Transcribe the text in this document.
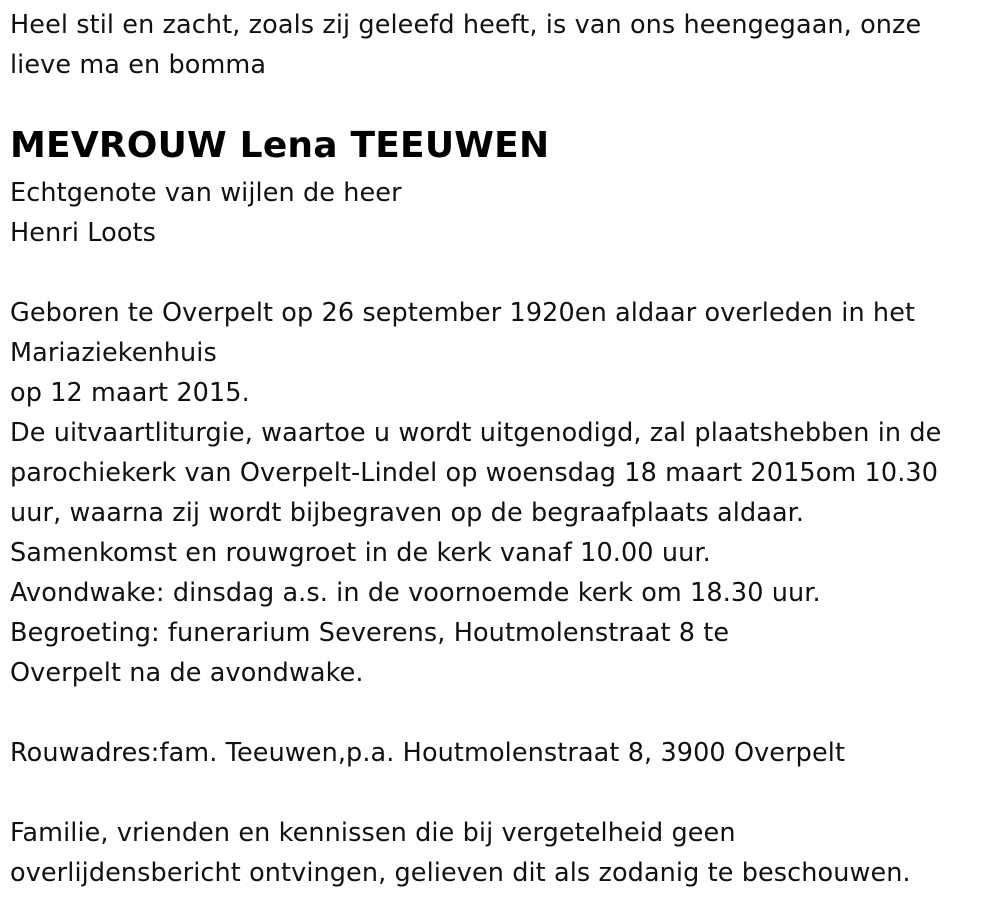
Heel stil en zacht, zoals zij geleefd heeft, is van ons heengegaan, onze
lieve ma en bomma
MEVROUW Lena TEEUWEN
Echtgenote van wijlen de heer
Henri Loots
Geboren te Overpelt op 26 september 1920en aldaar overleden in het
Mariaziekenhuis
op 12 maart 2015.
De uitvaartliturgie, waartoe u wordt uitgenodigd, zal plaatshebben in de
parochiekerk van Overpelt-Lindel op woensdag 18 maart 2015om 10.30
uur, waarna zij wordt bijbegraven op de begraafplaats aldaar.
Samenkomst en rouwgroet in de kerk vanaf 10.00 uur.
Avondwake: dinsdag a.s. in de voornoemde kerk om 18.30 uur.
Begroeting: funerarium Severens, Houtmolenstraat 8 te
Overpelt na de avondwake.
Rouwadres:fam. Teeuwen,p.a. Houtmolenstraat 8, 3900 Overpelt
Familie, vrienden en kennissen die bij vergetelheid geen
overlijdensbericht ontvingen, gelieven dit als zodanig te beschouwen.
